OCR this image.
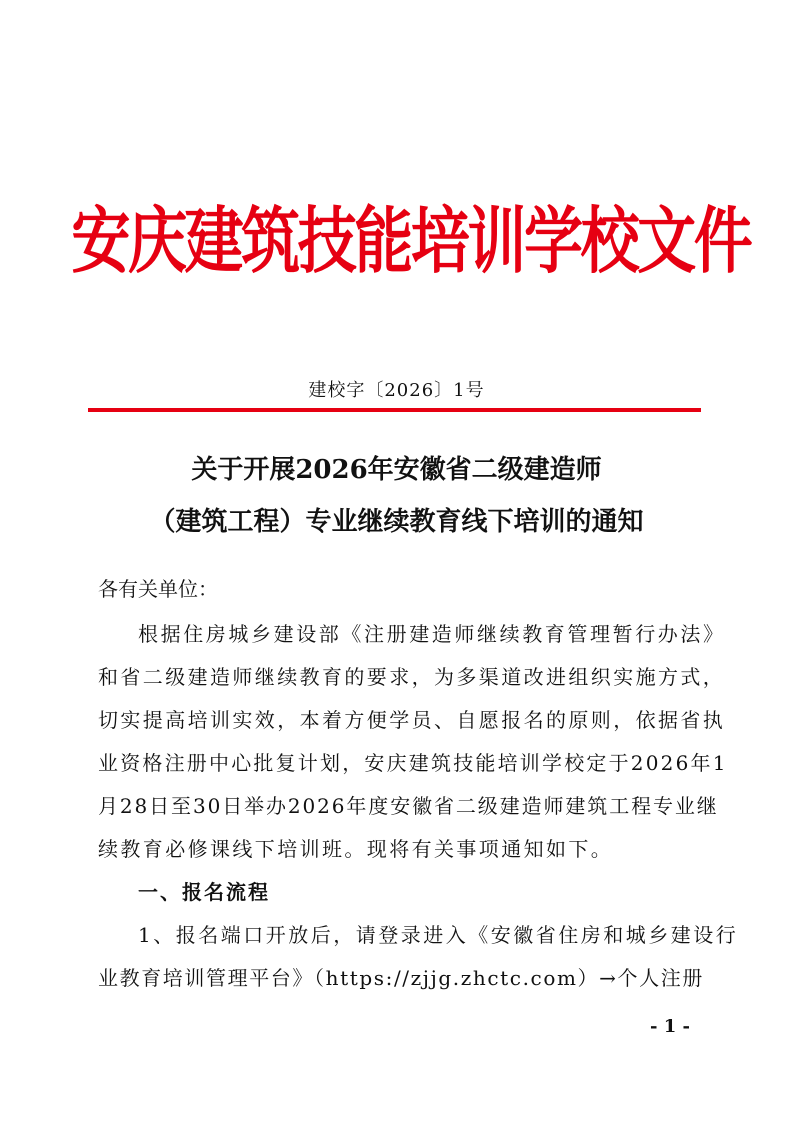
安庆建筑技能培训学校文件
建校字〔2026〕1号
关于开展2026年安徽省二级建造师
（建筑工程）专业继续教育线下培训的通知
各有关单位：
根据住房城乡建设部《注册建造师继续教育管理暂行办法》
和省二级建造师继续教育的要求，为多渠道改进组织实施方式，
切实提高培训实效，本着方便学员、自愿报名的原则，依据省执
业资格注册中心批复计划，安庆建筑技能培训学校定于2026年1
月28日至30日举办2026年度安徽省二级建造师建筑工程专业继
续教育必修课线下培训班。现将有关事项通知如下。
一、报名流程
1、报名端口开放后，请登录进入《安徽省住房和城乡建设行
业教育培训管理平台》（https://zjjg.zhctc.com）→个人注册
- 1 -
